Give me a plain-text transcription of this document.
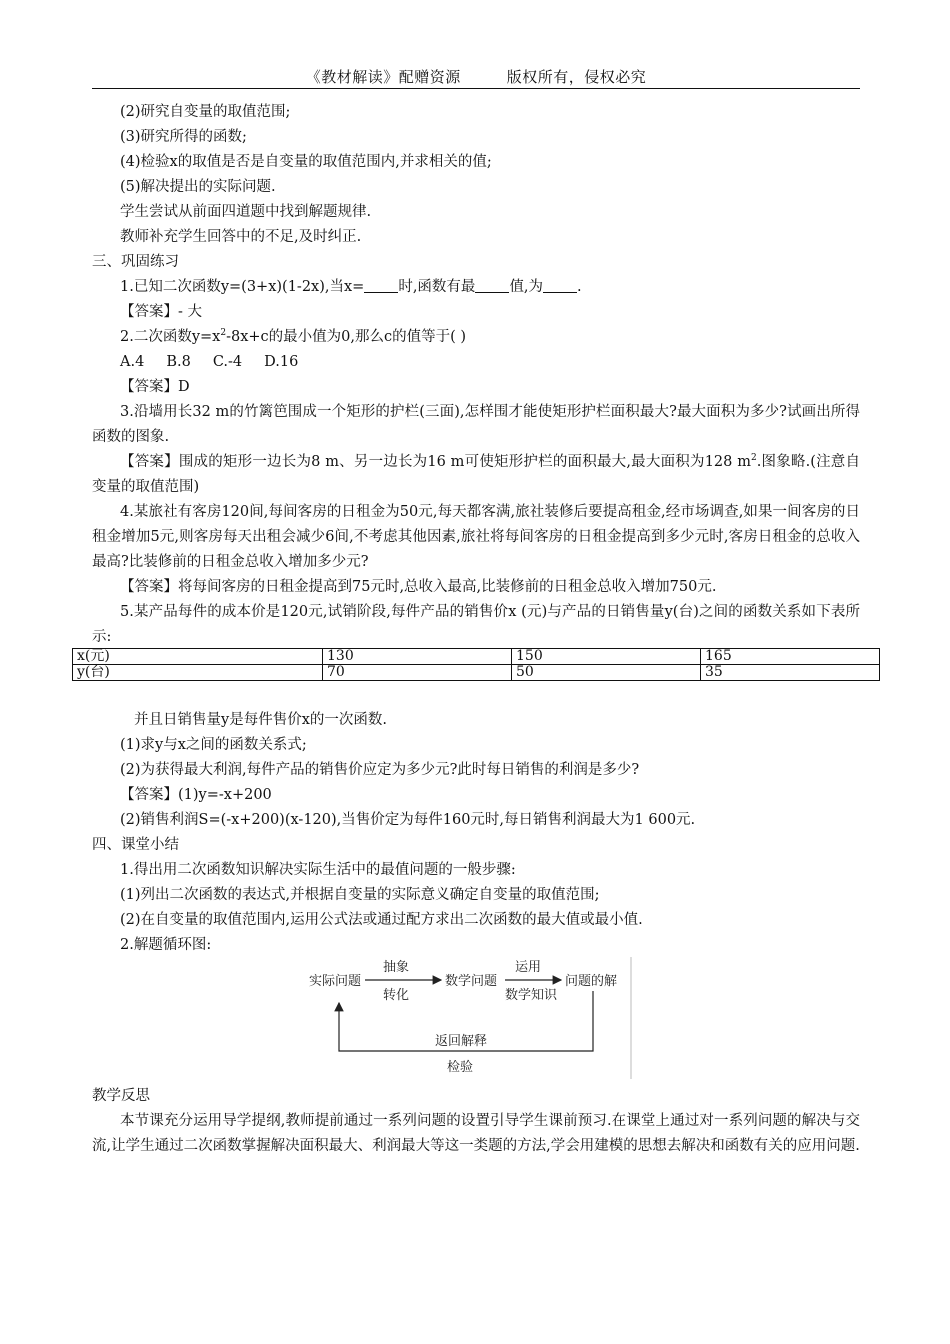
《教材解读》配赠资源	版权所有，侵权必究
(2)研究自变量的取值范围;
(3)研究所得的函数;
(4)检验x的取值是否是自变量的取值范围内,并求相关的值;
(5)解决提出的实际问题.
学生尝试从前面四道题中找到解题规律.
教师补充学生回答中的不足,及时纠正.
三、巩固练习
1.已知二次函数y=(3+x)(1-2x),当x= 时,函数有最 值,为 .
【答案】- 大
2.二次函数$y=x^2-8x+c$的最小值为0,那么c的值等于( )
A.4 B.8 C.-4 D.16
【答案】D
3.沿墙用长32 m的竹篱笆围成一个矩形的护栏(三面),怎样围才能使矩形护栏面积最大?最大面积为多少?试画出所得函数的图象.
【答案】围成的矩形一边长为8 m、另一边长为16 m可使矩形护栏的面积最大,最大面积为128 $m^2$.图象略.(注意自变量的取值范围)
4.某旅社有客房120间,每间客房的日租金为50元,每天都客满,旅社装修后要提高租金,经市场调查,如果一间客房的日租金增加5元,则客房每天出租会减少6间,不考虑其他因素,旅社将每间客房的日租金提高到多少元时,客房日租金的总收入最高?比装修前的日租金总收入增加多少元?
【答案】将每间客房的日租金提高到75元时,总收入最高,比装修前的日租金总收入增加750元.
5.某产品每件的成本价是120元,试销阶段,每件产品的销售价x (元)与产品的日销售量y(台)之间的函数关系如下表所示:
x(元)	130	150	165
y(台)	70	50	35
并且日销售量y是每件售价x的一次函数.
(1)求y与x之间的函数关系式;
(2)为获得最大利润,每件产品的销售价应定为多少元?此时每日销售的利润是多少?
【答案】(1)y=-x+200
(2)销售利润S=(-x+200)(x-120),当售价定为每件160元时,每日销售利润最大为1 600元.
四、课堂小结
1.得出用二次函数知识解决实际生活中的最值问题的一般步骤:
(1)列出二次函数的表达式,并根据自变量的实际意义确定自变量的取值范围;
(2)在自变量的取值范围内,运用公式法或通过配方求出二次函数的最大值或最小值.
2.解题循环图:
实际问题
抽象
转化
数学问题
运用
数学知识
问题的解
返回解释
检验
教学反思
本节课充分运用导学提纲,教师提前通过一系列问题的设置引导学生课前预习.在课堂上通过对一系列问题的解决与交流,让学生通过二次函数掌握解决面积最大、利润最大等这一类题的方法,学会用建模的思想去解决和函数有关的应用问题.
